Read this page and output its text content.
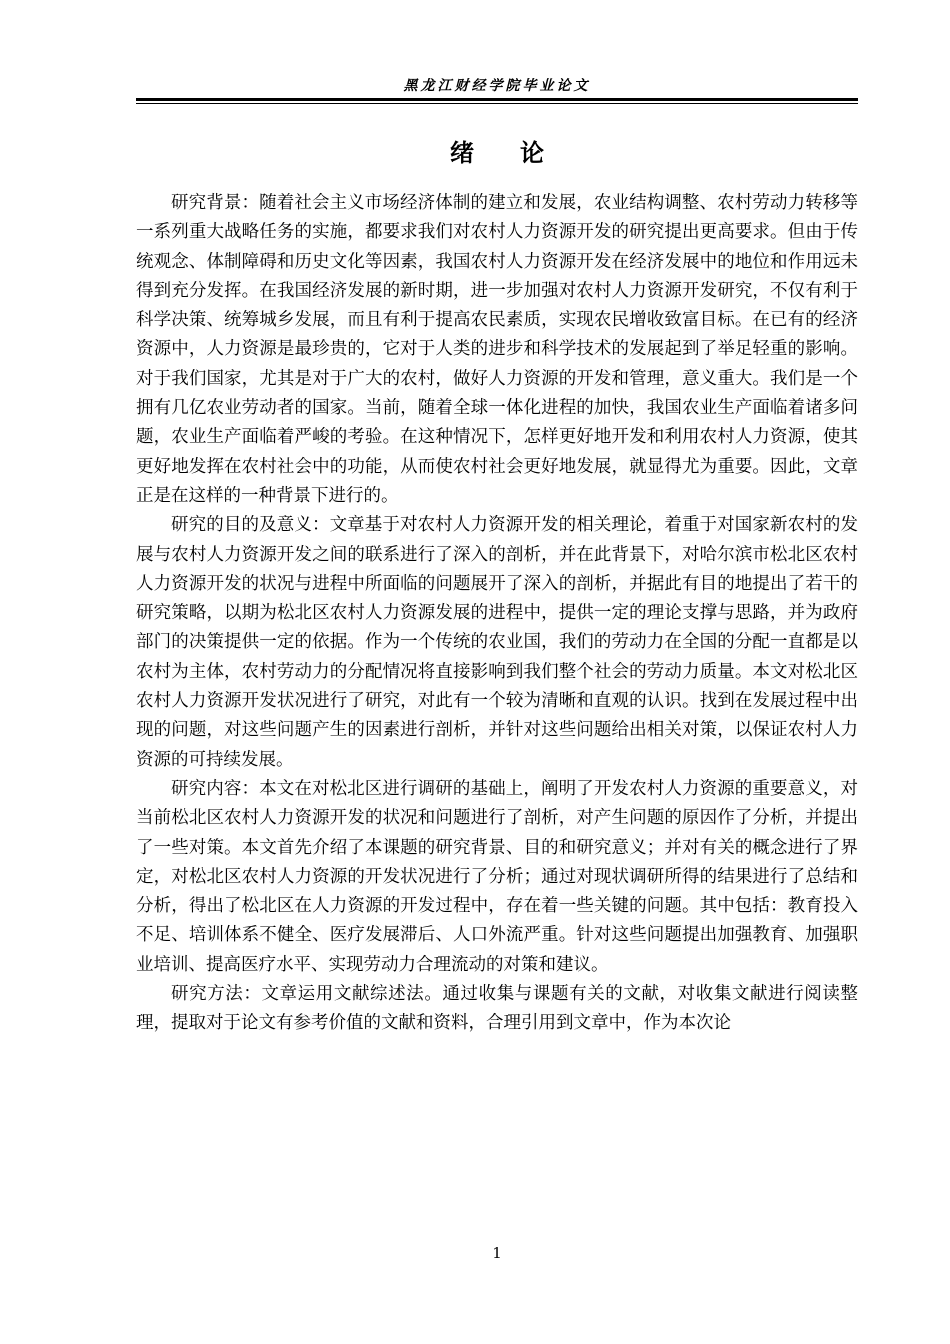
黑龙江财经学院毕业论文
绪论

研究背景：随着社会主义市场经济体制的建立和发展，农业结构调整、农村劳动力转移等一系列重大战略任务的实施，都要求我们对农村人力资源开发的研究提出更高要求。但由于传统观念、体制障碍和历史文化等因素，我国农村人力资源开发在经济发展中的地位和作用远未得到充分发挥。在我国经济发展的新时期，进一步加强对农村人力资源开发研究，不仅有利于科学决策、统筹城乡发展，而且有利于提高农民素质，实现农民增收致富目标。在已有的经济资源中，人力资源是最珍贵的，它对于人类的进步和科学技术的发展起到了举足轻重的影响。对于我们国家，尤其是对于广大的农村，做好人力资源的开发和管理，意义重大。我们是一个拥有几亿农业劳动者的国家。当前，随着全球一体化进程的加快，我国农业生产面临着诸多问题，农业生产面临着严峻的考验。在这种情况下，怎样更好地开发和利用农村人力资源，使其更好地发挥在农村社会中的功能，从而使农村社会更好地发展，就显得尤为重要。因此，文章正是在这样的一种背景下进行的。

研究的目的及意义：文章基于对农村人力资源开发的相关理论，着重于对国家新农村的发展与农村人力资源开发之间的联系进行了深入的剖析，并在此背景下，对哈尔滨市松北区农村人力资源开发的状况与进程中所面临的问题展开了深入的剖析，并据此有目的地提出了若干的研究策略，以期为松北区农村人力资源发展的进程中，提供一定的理论支撑与思路，并为政府部门的决策提供一定的依据。作为一个传统的农业国，我们的劳动力在全国的分配一直都是以农村为主体，农村劳动力的分配情况将直接影响到我们整个社会的劳动力质量。本文对松北区农村人力资源开发状况进行了研究，对此有一个较为清晰和直观的认识。找到在发展过程中出现的问题，对这些问题产生的因素进行剖析，并针对这些问题给出相关对策，以保证农村人力资源的可持续发展。

研究内容：本文在对松北区进行调研的基础上，阐明了开发农村人力资源的重要意义，对当前松北区农村人力资源开发的状况和问题进行了剖析，对产生问题的原因作了分析，并提出了一些对策。本文首先介绍了本课题的研究背景、目的和研究意义；并对有关的概念进行了界定，对松北区农村人力资源的开发状况进行了分析；通过对现状调研所得的结果进行了总结和分析，得出了松北区在人力资源的开发过程中，存在着一些关键的问题。其中包括：教育投入不足、培训体系不健全、医疗发展滞后、人口外流严重。针对这些问题提出加强教育、加强职业培训、提高医疗水平、实现劳动力合理流动的对策和建议。

研究方法：文章运用文献综述法。通过收集与课题有关的文献，对收集文献进行阅读整理，提取对于论文有参考价值的文献和资料，合理引用到文章中，作为本次论

1
